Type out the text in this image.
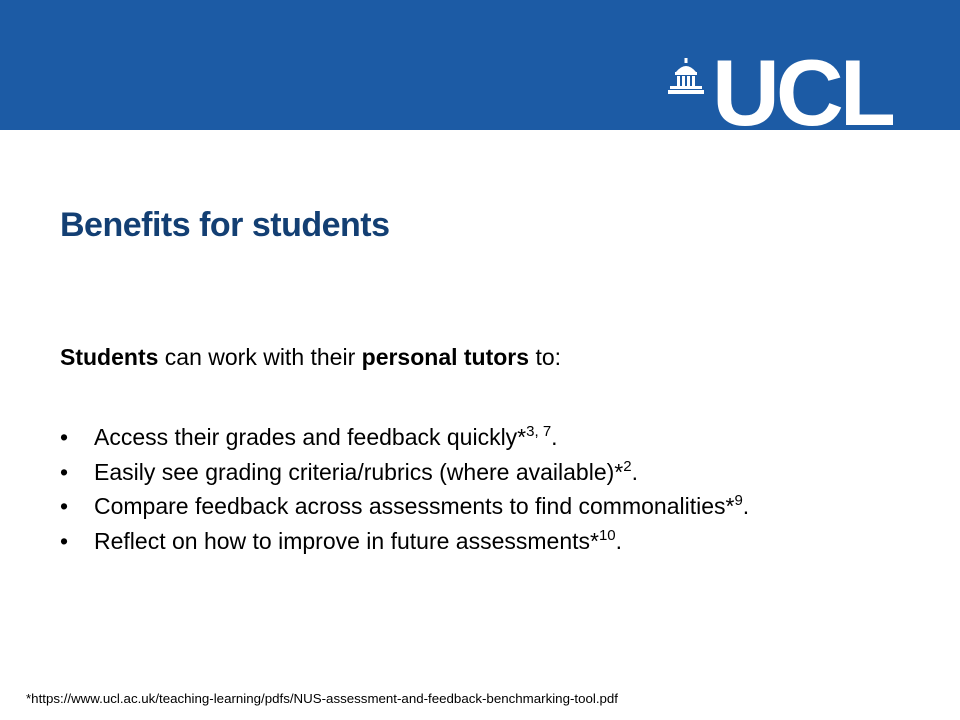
UCL
Benefits for students

Students can work with their personal tutors to:

• Access their grades and feedback quickly*$^{3, 7}$.
• Easily see grading criteria/rubrics (where available)*$^2$.
• Compare feedback across assessments to find commonalities*$^9$.
• Reflect on how to improve in future assessments*$^{10}$.

*https://www.ucl.ac.uk/teaching-learning/pdfs/NUS-assessment-and-feedback-benchmarking-tool.pdf
